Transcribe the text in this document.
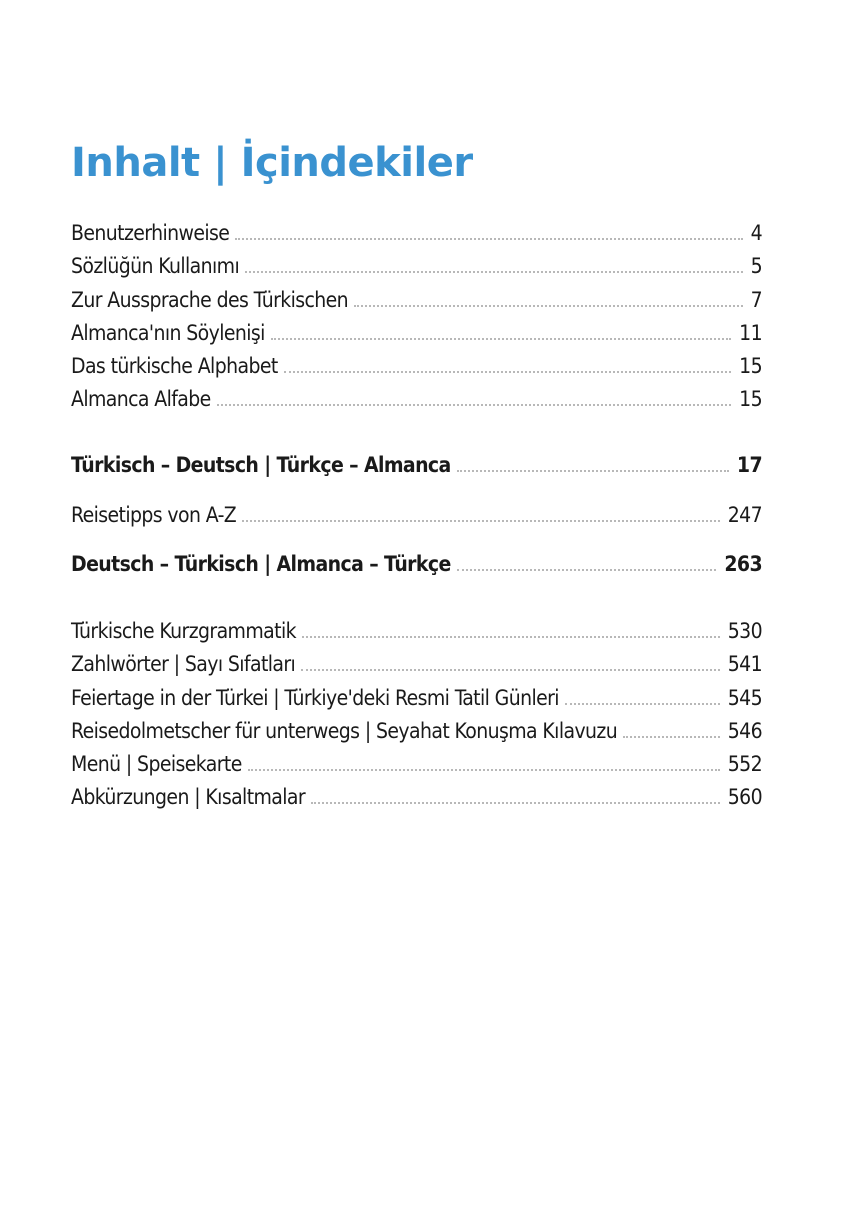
Inhalt | İçindekiler
Benutzerhinweise	4
Sözlüğün Kullanımı	5
Zur Aussprache des Türkischen	7
Almanca'nın Söylenişi	11
Das türkische Alphabet	15
Almanca Alfabe	15
Türkisch – Deutsch | Türkçe – Almanca	17
Reisetipps von A-Z	247
Deutsch – Türkisch | Almanca – Türkçe	263
Türkische Kurzgrammatik	530
Zahlwörter | Sayı Sıfatları	541
Feiertage in der Türkei | Türkiye'deki Resmi Tatil Günleri	545
Reisedolmetscher für unterwegs | Seyahat Konuşma Kılavuzu	546
Menü | Speisekarte	552
Abkürzungen | Kısaltmalar	560
